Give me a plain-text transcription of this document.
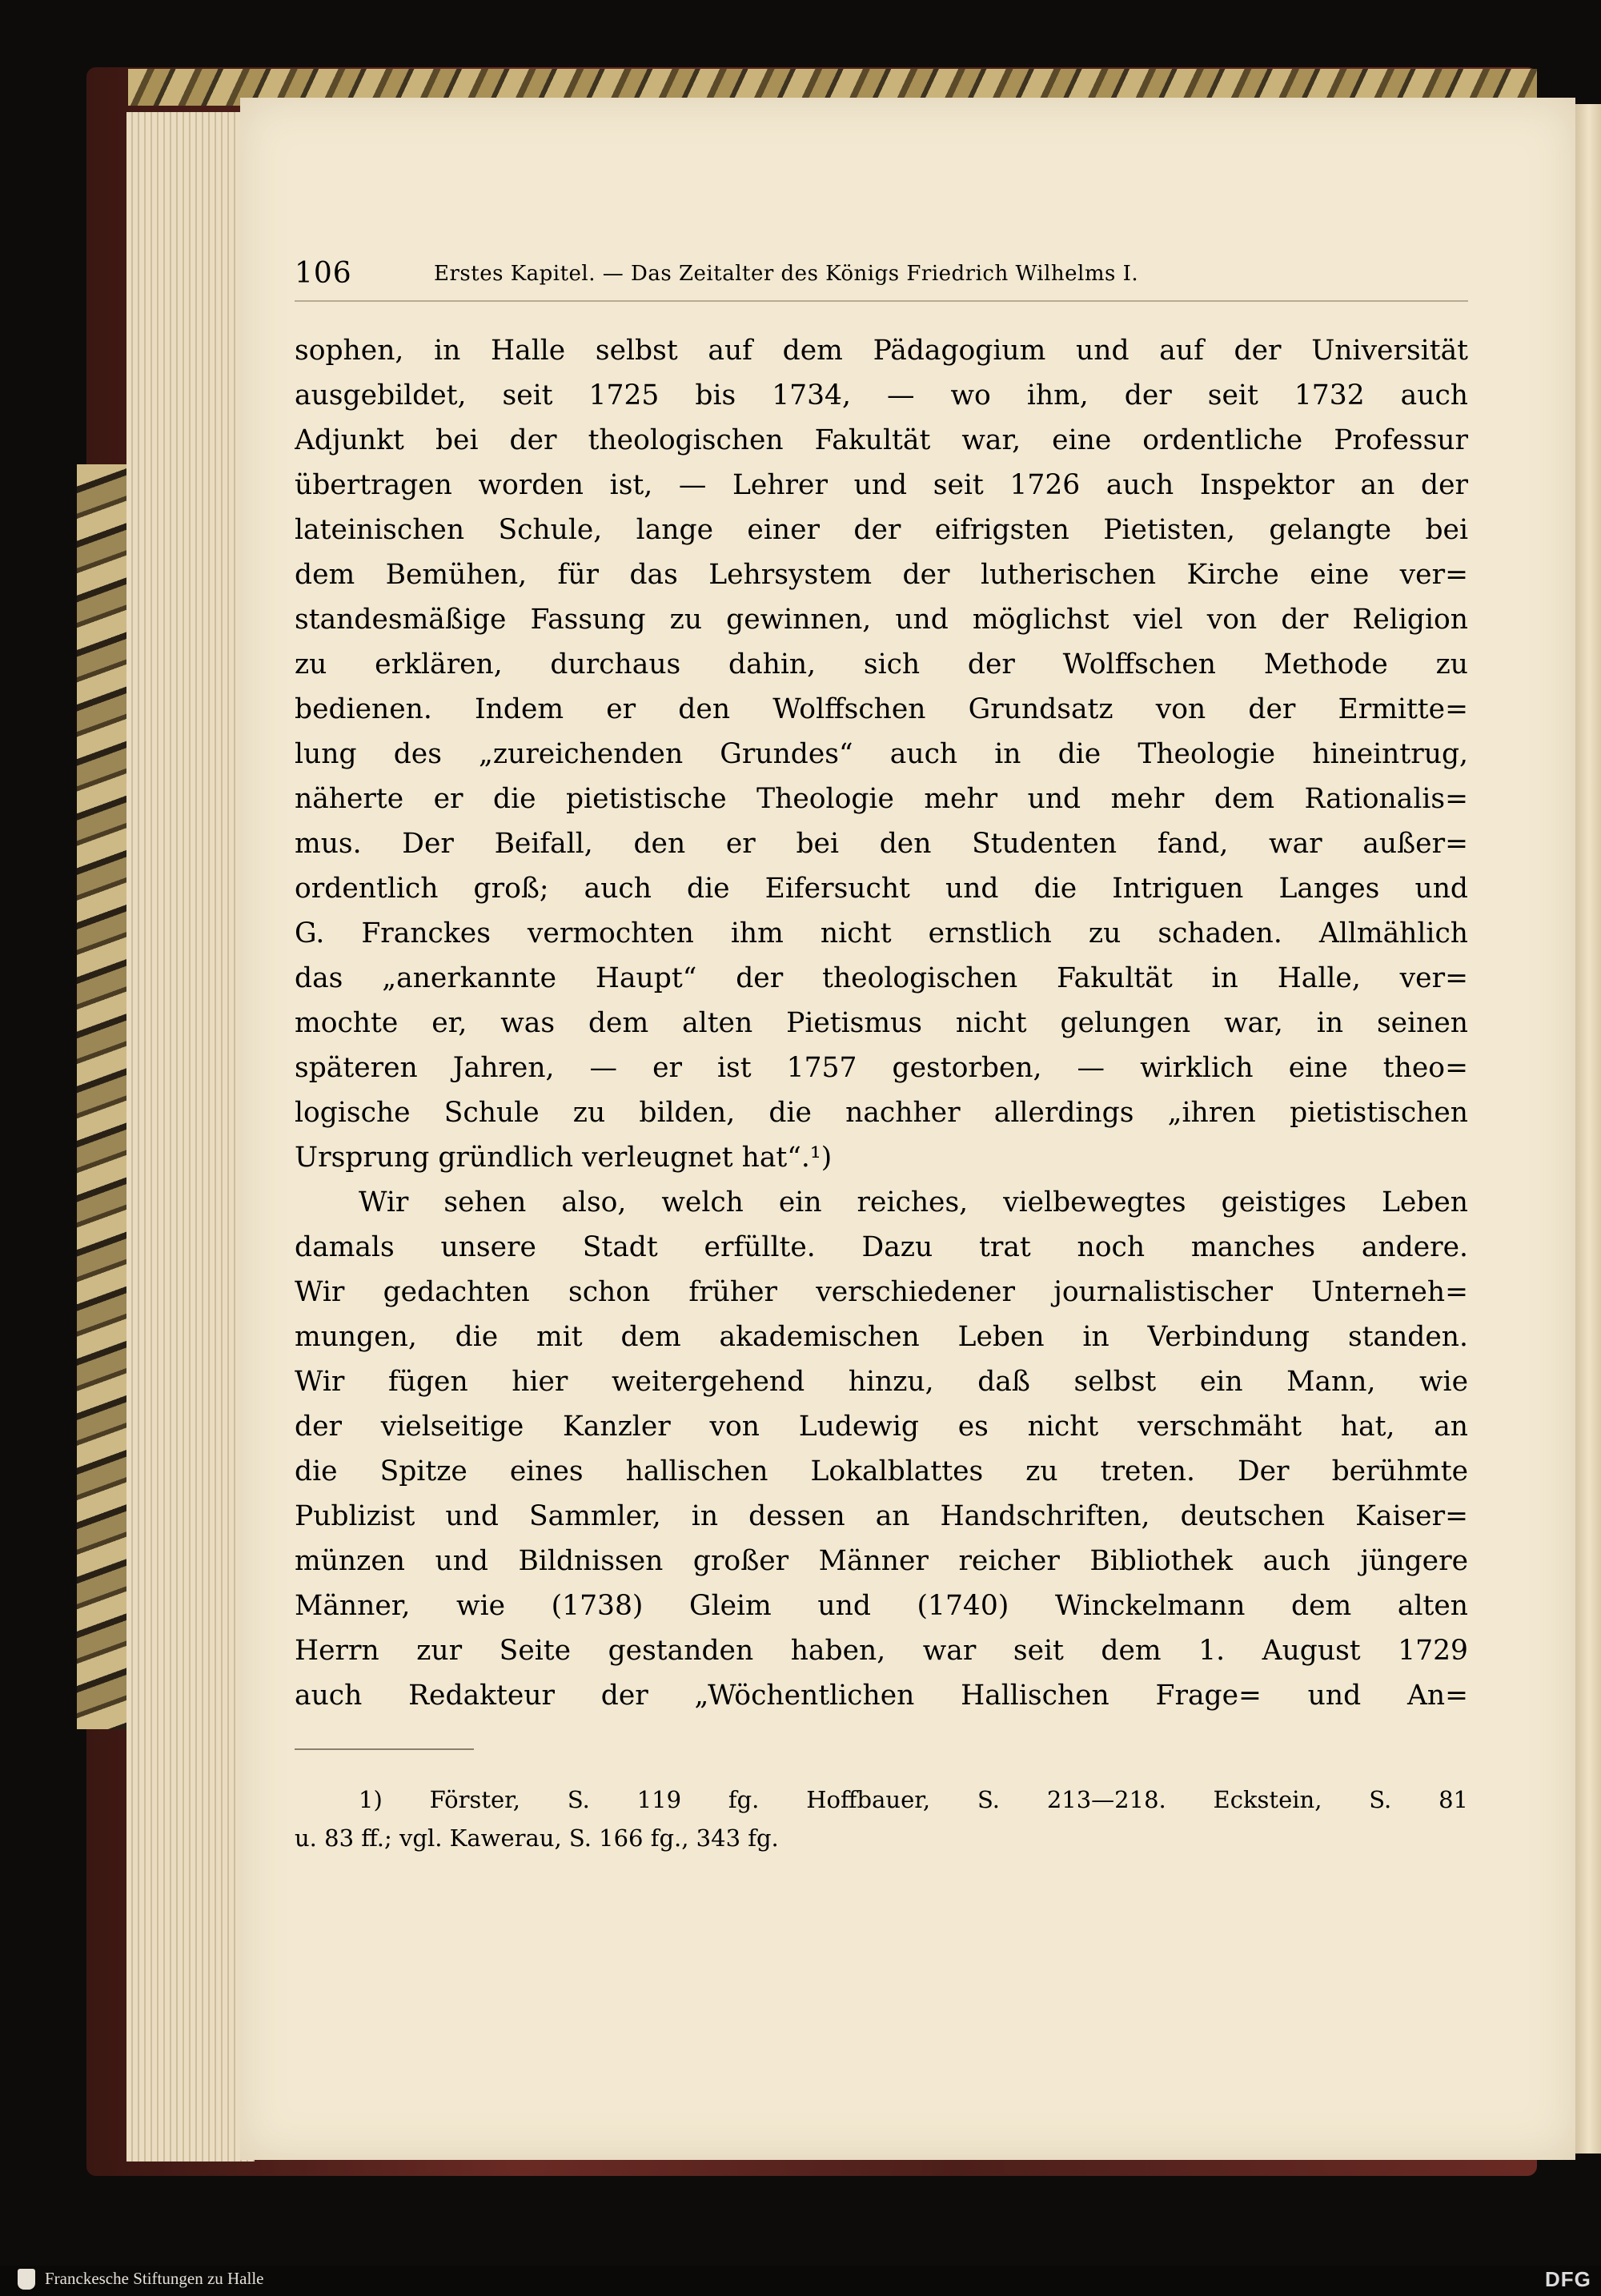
106	Erstes Kapitel. — Das Zeitalter des Königs Friedrich Wilhelms I.
sophen, in Halle selbst auf dem Pädagogium und auf der Universität
ausgebildet, seit 1725 bis 1734, — wo ihm, der seit 1732 auch
Adjunkt bei der theologischen Fakultät war, eine ordentliche Professur
übertragen worden ist, — Lehrer und seit 1726 auch Inspektor an der
lateinischen Schule, lange einer der eifrigsten Pietisten, gelangte bei
dem Bemühen, für das Lehrsystem der lutherischen Kirche eine ver=
standesmäßige Fassung zu gewinnen, und möglichst viel von der Religion
zu erklären, durchaus dahin, sich der Wolffschen Methode zu
bedienen. Indem er den Wolffschen Grundsatz von der Ermitte=
lung des „zureichenden Grundes“ auch in die Theologie hineintrug,
näherte er die pietistische Theologie mehr und mehr dem Rationalis=
mus. Der Beifall, den er bei den Studenten fand, war außer=
ordentlich groß; auch die Eifersucht und die Intriguen Langes und
G. Franckes vermochten ihm nicht ernstlich zu schaden. Allmählich
das „anerkannte Haupt“ der theologischen Fakultät in Halle, ver=
mochte er, was dem alten Pietismus nicht gelungen war, in seinen
späteren Jahren, — er ist 1757 gestorben, — wirklich eine theo=
logische Schule zu bilden, die nachher allerdings „ihren pietistischen
Ursprung gründlich verleugnet hat“.¹)
Wir sehen also, welch ein reiches, vielbewegtes geistiges Leben
damals unsere Stadt erfüllte. Dazu trat noch manches andere.
Wir gedachten schon früher verschiedener journalistischer Unterneh=
mungen, die mit dem akademischen Leben in Verbindung standen.
Wir fügen hier weitergehend hinzu, daß selbst ein Mann, wie
der vielseitige Kanzler von Ludewig es nicht verschmäht hat, an
die Spitze eines hallischen Lokalblattes zu treten. Der berühmte
Publizist und Sammler, in dessen an Handschriften, deutschen Kaiser=
münzen und Bildnissen großer Männer reicher Bibliothek auch jüngere
Männer, wie (1738) Gleim und (1740) Winckelmann dem alten
Herrn zur Seite gestanden haben, war seit dem 1. August 1729
auch Redakteur der „Wöchentlichen Hallischen Frage= und An=
1) Förster, S. 119 fg. Hoffbauer, S. 213—218. Eckstein, S. 81
u. 83 ff.; vgl. Kawerau, S. 166 fg., 343 fg.
Franckesche Stiftungen zu Halle	DFG
